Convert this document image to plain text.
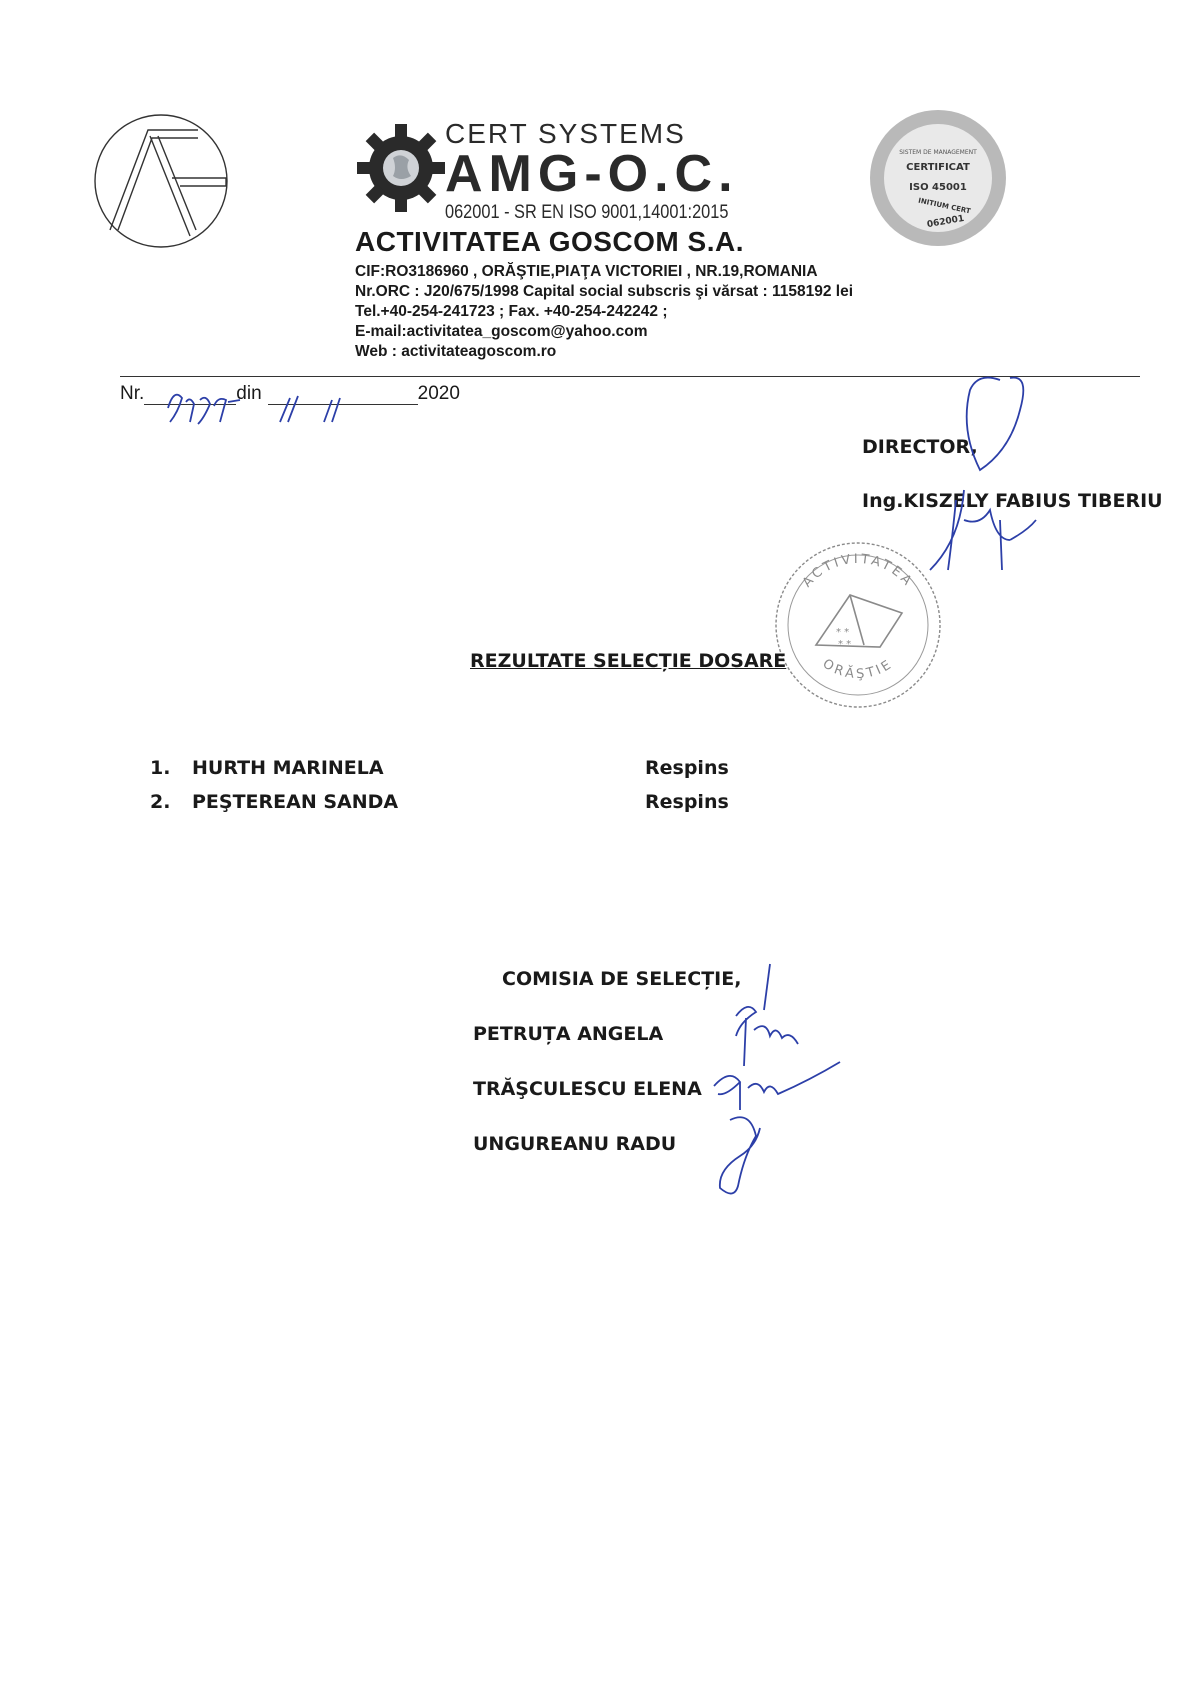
CERT SYSTEMS
AMG-O.C.
062001 - SR EN ISO 9001,14001:2015
SISTEM DE MANAGEMENT
CERTIFICAT
ISO 45001
INITIUM CERT
062001
ACTIVITATEA GOSCOM S.A.
CIF:RO3186960 , ORĂŞTIE,PIAŢA VICTORIEI , NR.19,ROMANIA
Nr.ORC : J20/675/1998 Capital social subscris şi vărsat : 1158192 lei
Tel.+40-254-241723 ; Fax. +40-254-242242 ;
E-mail:activitatea_goscom@yahoo.com
Web : activitateagoscom.ro
Nr.	din	2020
DIRECTOR,
Ing.KISZELY FABIUS TIBERIU
ACTIVITATEA
ORĂŞTIE
* *
* *
REZULTATE SELECȚIE DOSARE
1.	HURTH MARINELA	Respins
2.	PEŞTEREAN SANDA	Respins
COMISIA DE SELECȚIE,
PETRUȚA ANGELA
TRĂŞCULESCU ELENA
UNGUREANU RADU
